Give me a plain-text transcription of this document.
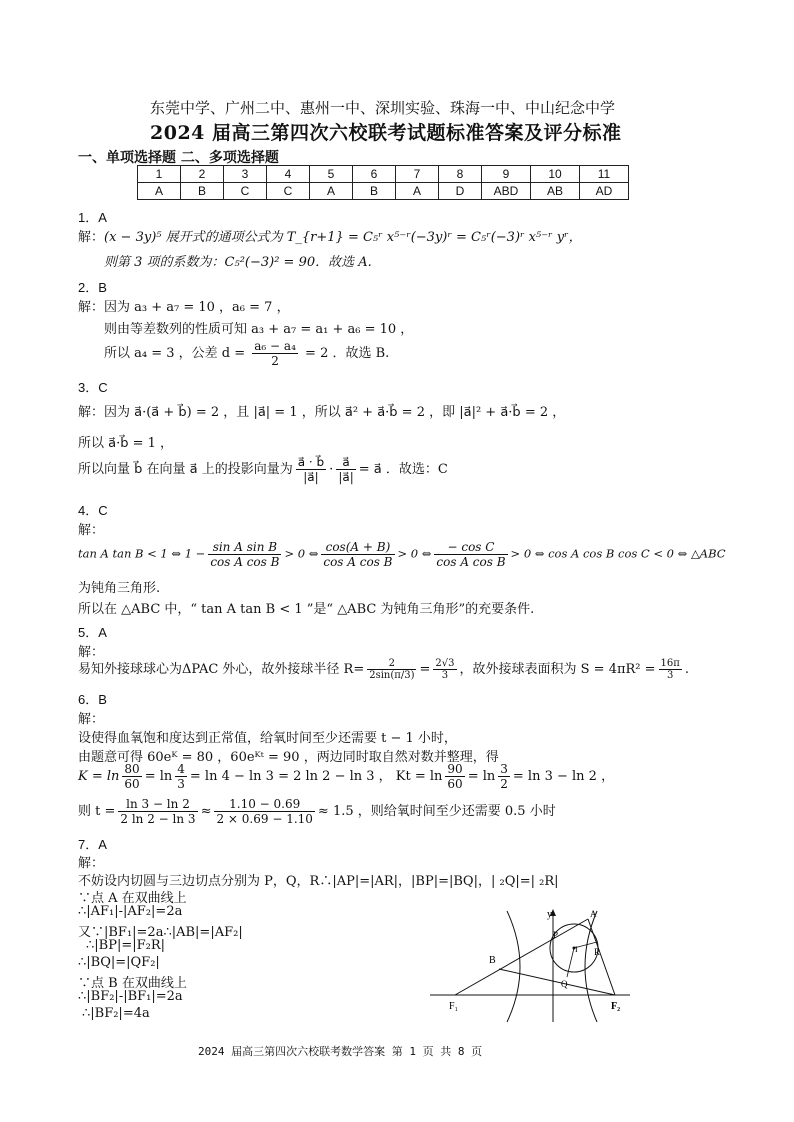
东莞中学、广州二中、惠州一中、深圳实验、珠海一中、中山纪念中学
2024 届高三第四次六校联考试题标准答案及评分标准
一、单项选择题 二、多项选择题
1	2	3	4	5	6	7	8	9	10	11
A	B	C	C	A	B	A	D	ABD	AB	AD
1．A
解：(x − 3y)⁵ 展开式的通项公式为 T_{r+1} = C₅ʳ x⁵⁻ʳ(−3y)ʳ = C₅ʳ(−3)ʳ x⁵⁻ʳ yʳ，
则第 3 项的系数为：C₅²(−3)² = 90．故选 A.
2．B
解：因为 a₃ + a₇ = 10 ，a₆ = 7 ，
则由等差数列的性质可知 a₃ + a₇ = a₁ + a₆ = 10 ，
所以 a₄ = 3 ，公差 $d = \frac{\text{a₆ − a₄}}{2} = 2$ ．故选 B.
3．C
解：因为 a⃗·(a⃗ + b⃗) = 2 ，且 |a⃗| = 1 ，所以 a⃗² + a⃗·b⃗ = 2 ，即 |a⃗|² + a⃗·b⃗ = 2 ，
所以 a⃗·b⃗ = 1 ，
所以向量 b⃗ 在向量 a⃗ 上的投影向量为 $\frac{a⃗ \cdot b⃗}{|a⃗|} \cdot \frac{a⃗}{|a⃗|}$ = a⃗ ．故选：C
4．C
解：
tan A tan B < 1 ⇔ $1 - \frac{\text{sin A sin B}}{\text{cos A cos B}} > 0$ ⇔ $\frac{\cos(A + B)}{\text{cos A cos B}} > 0$ ⇔ $\frac{\text{− cos C}}{\text{cos A cos B}} > 0$ ⇔ cos A cos B cos C < 0 ⇔ △ABC
为钝角三角形.
所以在 △ABC 中，“ tan A tan B < 1 ”是“ △ABC 为钝角三角形”的充要条件.
5．A
解：
易知外接球球心为ΔPAC 外心，故外接球半径 $R= \frac{2}{2\sin(\pi/3)} = \frac{2√3}{3}$ ，故外接球表面积为 $S = 4\pi R^2 = \frac{16\pi}{3}$ .
6．B
解：
设使得血氧饱和度达到正常值，给氧时间至少还需要 t − 1 小时，
由题意可得 60eᴷ = 80 ，60eᴷᵗ = 90 ，两边同时取自然对数并整理，得
$K = \ln \frac{80}{60} = \ln \frac{4}{3} = \ln 4 - \ln 3 = 2$ ln 2 − ln 3 ， $Kt = \ln \frac{90}{60} = \ln \frac{3}{2} = \ln 3 - \ln 2$ ，
则 $t = \frac{\ln 3 - \ln 2}{2 \ln 2 - \ln 3} \approx \frac{1.10 - 0.69}{2 \times 0.69 - 1.10} \approx 1.5$ ，则给氧时间至少还需要 0.5 小时
7．A
解：
不妨设内切圆与三边切点分别为 P，Q，R∴|AP|=|AR|，|BP|=|BQ|，| ₂Q|=| ₂R|
∵点 A 在双曲线上
∴|AF₁|-|AF₂|=2a
又∵|BF₁|=2a∴|AB|=|AF₂|
∴|BP|=|F₂R|
∴|BQ|=|QF₂|
∵点 B 在双曲线上
∴|BF₂|-|BF₁|=2a
∴|BF₂|=4a
y	A
P
R
B
Q
I
F₁	F₂
2024 届高三第四次六校联考数学答案 第 1 页 共 8 页
